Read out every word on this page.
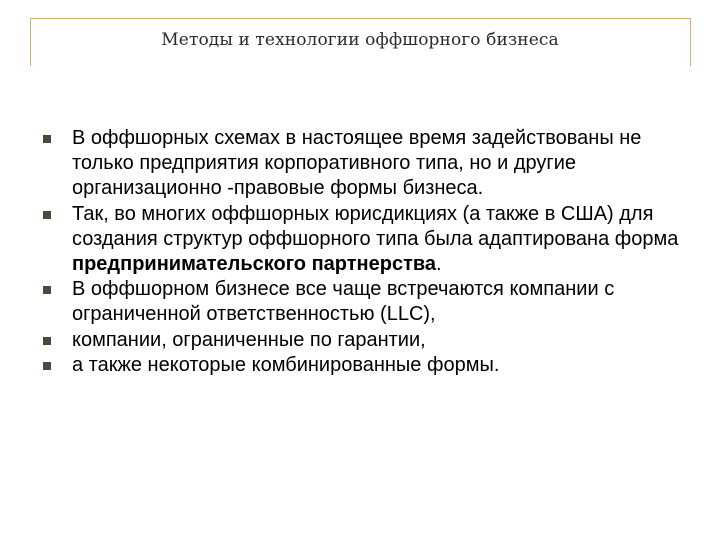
Методы и технологии оффшорного бизнеса
В оффшорных схемах в настоящее время задействованы не только предприятия корпоративного типа, но и другие организационно -правовые формы бизнеса.
Так, во многих оффшорных юрисдикциях (а также в США) для создания структур оффшорного типа была адаптирована форма предпринимательского партнерства.
В оффшорном бизнесе все чаще встречаются компании с ограниченной ответственностью (LLC),
компании, ограниченные по гарантии,
а также некоторые комбинированные формы.
